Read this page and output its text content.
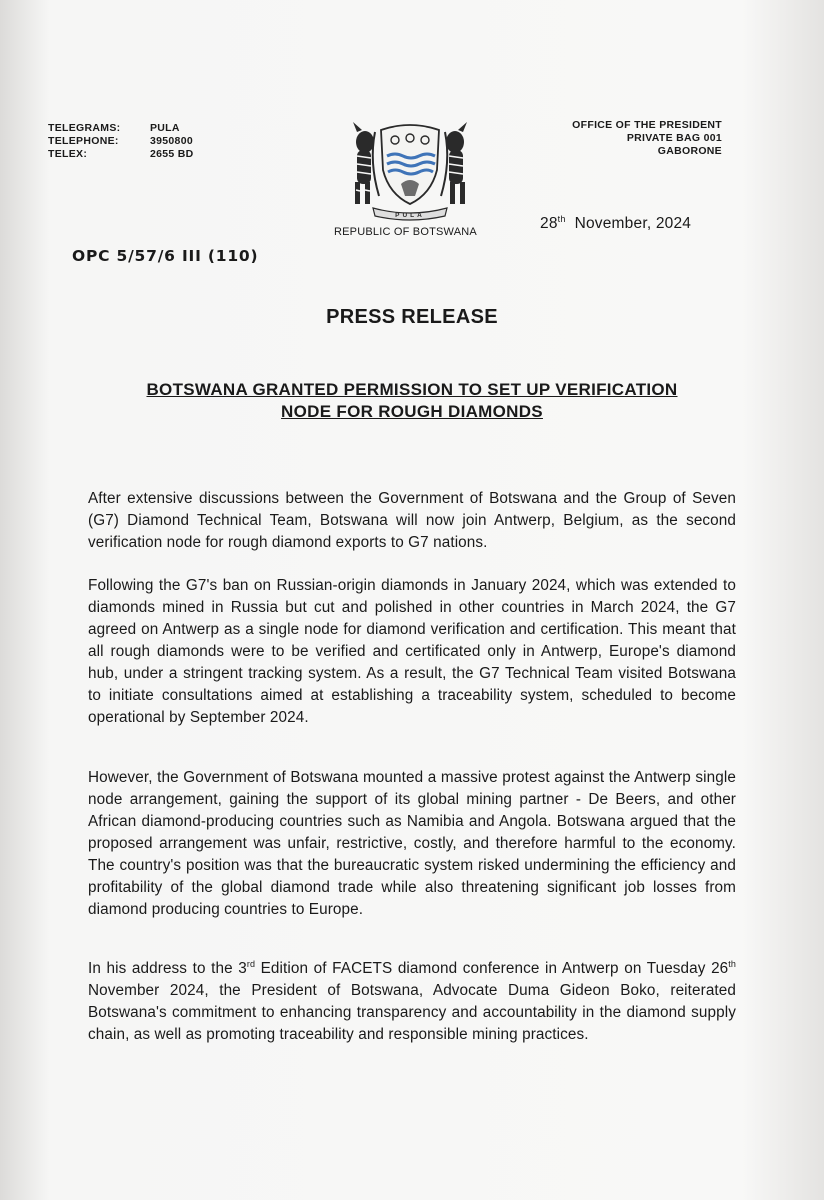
TELEGRAMS:	PULA
TELEPHONE:	3950800
TELEX:	2655 BD
OFFICE OF THE PRESIDENT
PRIVATE BAG 001
GABORONE
PULA
REPUBLIC OF BOTSWANA	28th November, 2024
OPC 5/57/6 III (110)
PRESS RELEASE
BOTSWANA GRANTED PERMISSION TO SET UP VERIFICATION
NODE FOR ROUGH DIAMONDS
After extensive discussions between the Government of Botswana and the Group of Seven (G7) Diamond Technical Team, Botswana will now join Antwerp, Belgium, as the second verification node for rough diamond exports to G7 nations.
Following the G7's ban on Russian-origin diamonds in January 2024, which was extended to diamonds mined in Russia but cut and polished in other countries in March 2024, the G7 agreed on Antwerp as a single node for diamond verification and certification. This meant that all rough diamonds were to be verified and certificated only in Antwerp, Europe's diamond hub, under a stringent tracking system. As a result, the G7 Technical Team visited Botswana to initiate consultations aimed at establishing a traceability system, scheduled to become operational by September 2024.
However, the Government of Botswana mounted a massive protest against the Antwerp single node arrangement, gaining the support of its global mining partner - De Beers, and other African diamond-producing countries such as Namibia and Angola. Botswana argued that the proposed arrangement was unfair, restrictive, costly, and therefore harmful to the economy. The country's position was that the bureaucratic system risked undermining the efficiency and profitability of the global diamond trade while also threatening significant job losses from diamond producing countries to Europe.
In his address to the 3rd Edition of FACETS diamond conference in Antwerp on Tuesday 26th November 2024, the President of Botswana, Advocate Duma Gideon Boko, reiterated Botswana's commitment to enhancing transparency and accountability in the diamond supply chain, as well as promoting traceability and responsible mining practices.
